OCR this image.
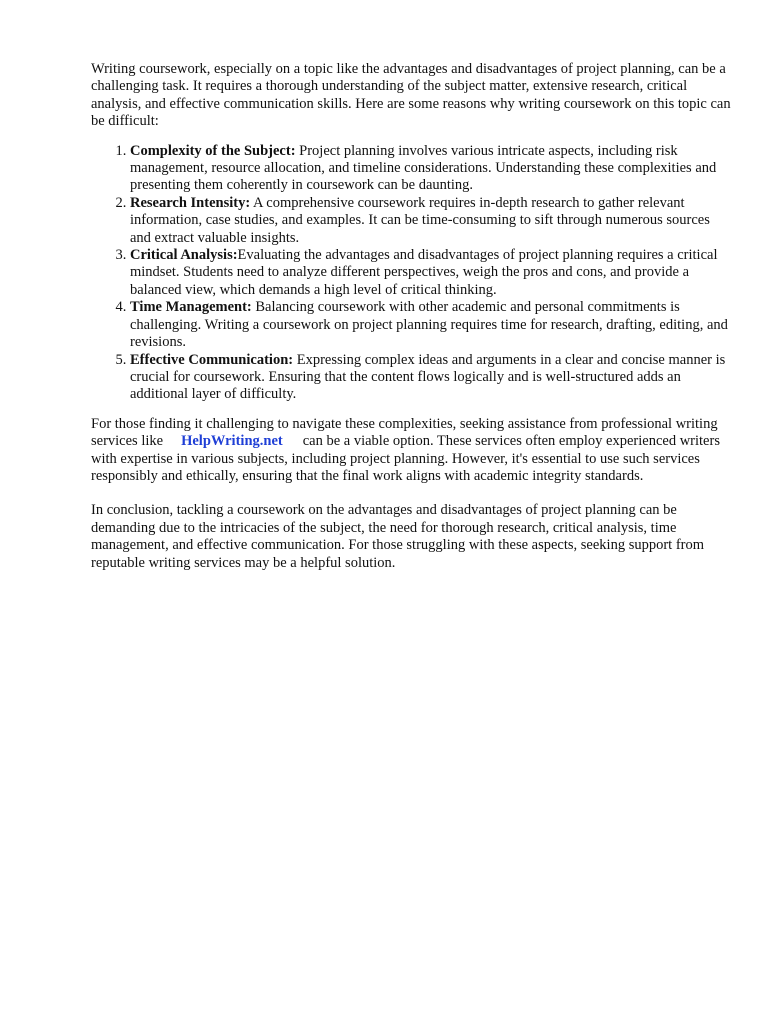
Writing coursework, especially on a topic like the advantages and disadvantages of project planning, can be a challenging task. It requires a thorough understanding of the subject matter, extensive research, critical analysis, and effective communication skills. Here are some reasons why writing coursework on this topic can be difficult:

1. Complexity of the Subject: Project planning involves various intricate aspects, including risk management, resource allocation, and timeline considerations. Understanding these complexities and presenting them coherently in coursework can be daunting.
2. Research Intensity: A comprehensive coursework requires in-depth research to gather relevant information, case studies, and examples. It can be time-consuming to sift through numerous sources and extract valuable insights.
3. Critical Analysis:Evaluating the advantages and disadvantages of project planning requires a critical mindset. Students need to analyze different perspectives, weigh the pros and cons, and provide a balanced view, which demands a high level of critical thinking.
4. Time Management: Balancing coursework with other academic and personal commitments is challenging. Writing a coursework on project planning requires time for research, drafting, editing, and revisions.
5. Effective Communication: Expressing complex ideas and arguments in a clear and concise manner is crucial for coursework. Ensuring that the content flows logically and is well-structured adds an additional layer of difficulty.

For those finding it challenging to navigate these complexities, seeking assistance from professional writing services like HelpWriting.net can be a viable option. These services often employ experienced writers with expertise in various subjects, including project planning. However, it's essential to use such services responsibly and ethically, ensuring that the final work aligns with academic integrity standards.

In conclusion, tackling a coursework on the advantages and disadvantages of project planning can be demanding due to the intricacies of the subject, the need for thorough research, critical analysis, time management, and effective communication. For those struggling with these aspects, seeking support from reputable writing services may be a helpful solution.
